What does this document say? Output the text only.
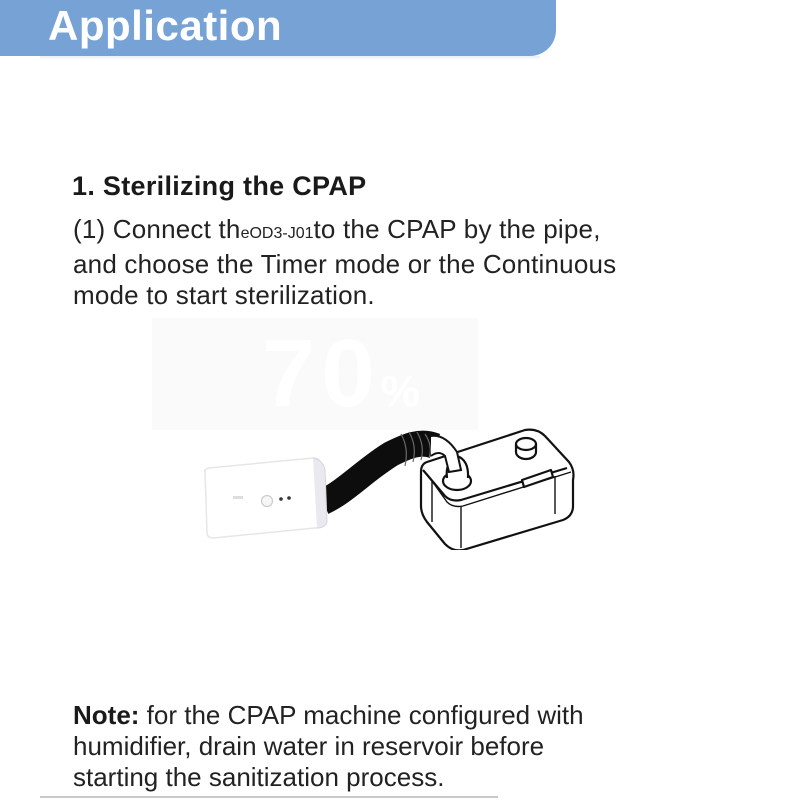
Application
1. Sterilizing the CPAP
(1) Connect theOD3-J01to the CPAP by the pipe,
and choose the Timer mode or the Continuous
mode to start sterilization.
70%
Note: for the CPAP machine configured with
humidifier, drain water in reservoir before
starting the sanitization process.
